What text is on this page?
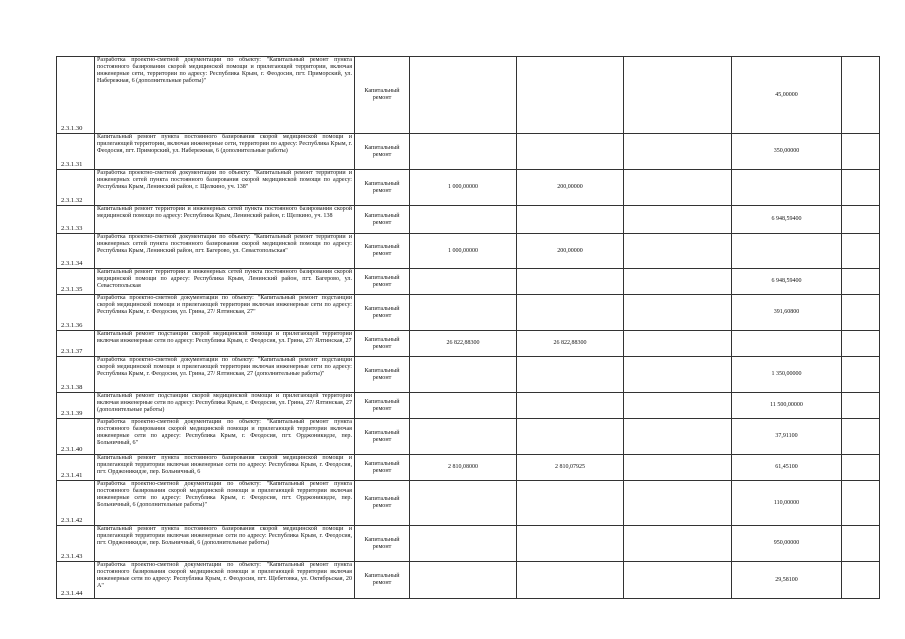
2.3.1.30	Разработка проектно-сметной документации по объекту: "Капитальный ремонт пункта постоянного базирования скорой медицинской помощи и прилегающей территории, включая инженерные сети, территории по адресу: Республика Крым, г. Феодосия, пгт. Приморский, ул. Набережная, 6 (дополнительные работы)"	Капитальный ремонт				45,00000	
2.3.1.31	Капитальный ремонт пункта постоянного базирования скорой медицинской помощи и прилегающей территории, включая инженерные сети, территории по адресу: Республика Крым, г. Феодосия, пгт. Приморский, ул. Набережная, 6 (дополнительные работы)	Капитальный ремонт				350,00000	
2.3.1.32	Разработка проектно-сметной документации по объекту: "Капитальный ремонт территории и инженерных сетей пункта постоянного базирования скорой медицинской помощи по адресу: Республика Крым, Ленинский район, г. Щелкино, уч. 138"	Капитальный ремонт	1 000,00000	200,00000			
2.3.1.33	Капитальный ремонт территории и инженерных сетей пункта постоянного базирования скорой медицинской помощи по адресу: Республика Крым, Ленинский район, г. Щелкино, уч. 138	Капитальный ремонт				6 948,59400	
2.3.1.34	Разработка проектно-сметной документации по объекту: "Капитальный ремонт территории и инженерных сетей пункта постоянного базирования скорой медицинской помощи по адресу: Республика Крым, Ленинский район, пгт. Багерово, ул. Севастопольская"	Капитальный ремонт	1 000,00000	200,00000			
2.3.1.35	Капитальный ремонт территории и инженерных сетей пункта постоянного базирования скорой медицинской помощи по адресу: Республика Крым, Ленинский район, пгт. Багерово, ул. Севастопольская	Капитальный ремонт				6 948,59400	
2.3.1.36	Разработка проектно-сметной документации по объекту: "Капитальный ремонт подстанции скорой медицинской помощи и прилегающей территории включая инженерные сети по адресу: Республика Крым, г. Феодосия, ул. Грина, 27/ Ялтинская, 27"	Капитальный ремонт				391,60800	
2.3.1.37	Капитальный ремонт подстанции скорой медицинской помощи и прилегающей территории включая инженерные сети по адресу: Республика Крым, г. Феодосия, ул. Грина, 27/ Ялтинская, 27	Капитальный ремонт	26 822,88300	26 822,88300			
2.3.1.38	Разработка проектно-сметной документации по объекту: "Капитальный ремонт подстанции скорой медицинской помощи и прилегающей территории включая инженерные сети по адресу: Республика Крым, г. Феодосия, ул. Грина, 27/ Ялтинская, 27 (дополнительные работы)"	Капитальный ремонт				1 350,00000	
2.3.1.39	Капитальный ремонт подстанции скорой медицинской помощи и прилегающей территории включая инженерные сети по адресу: Республика Крым, г. Феодосия, ул. Грина, 27/ Ялтинская, 27 (дополнительные работы)	Капитальный ремонт				11 500,00000	
2.3.1.40	Разработка проектно-сметной документации по объекту: "Капитальный ремонт пункта постоянного базирования скорой медицинской помощи и прилегающей территории включая инженерные сети по адресу: Республика Крым, г. Феодосия, пгт. Орджоникидзе, пер. Больничный, 6"	Капитальный ремонт				37,91100	
2.3.1.41	Капитальный ремонт пункта постоянного базирования скорой медицинской помощи и прилегающей территории включая инженерные сети по адресу: Республика Крым, г. Феодосия, пгт. Орджоникидзе, пер. Больничный, 6	Капитальный ремонт	2 810,08000	2 810,07925		61,45100	
2.3.1.42	Разработка проектно-сметной документации по объекту: "Капитальный ремонт пункта постоянного базирования скорой медицинской помощи и прилегающей территории включая инженерные сети по адресу: Республика Крым, г. Феодосия, пгт. Орджоникидзе, пер. Больничный, 6 (дополнительные работы)"	Капитальный ремонт				110,00000	
2.3.1.43	Капитальный ремонт пункта постоянного базирования скорой медицинской помощи и прилегающей территории включая инженерные сети по адресу: Республика Крым, г. Феодосия, пгт. Орджоникидзе, пер. Больничный, 6 (дополнительные работы)	Капитальный ремонт				950,00000	
2.3.1.44	Разработка проектно-сметной документации по объекту: "Капитальный ремонт пункта постоянного базирования скорой медицинской помощи и прилегающей территории включая инженерные сети по адресу: Республика Крым, г. Феодосия, пгт. Щебетовка, ул. Октябрьская, 20 А"	Капитальный ремонт				29,58100	
